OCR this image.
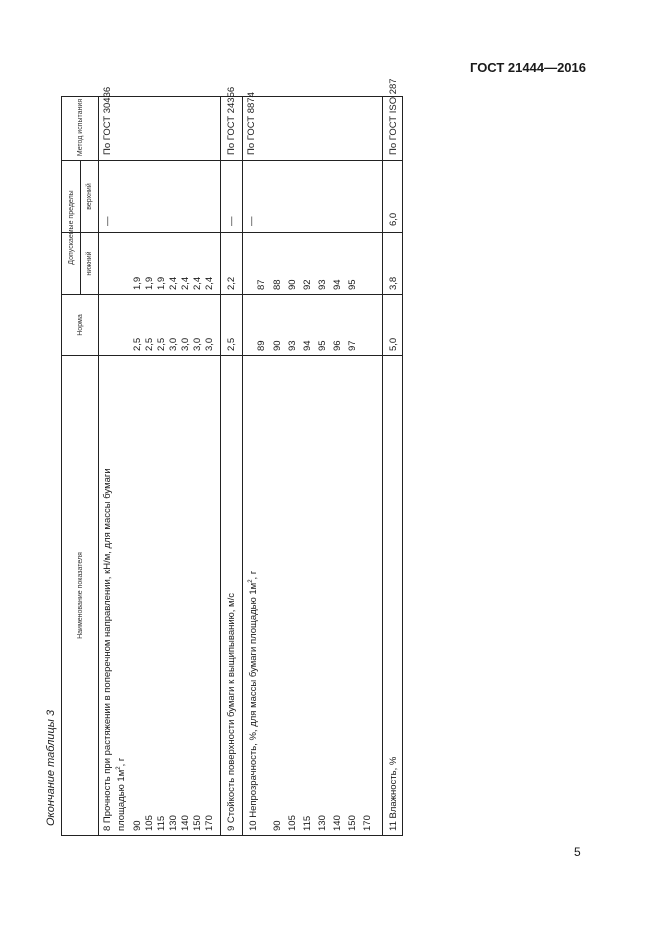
ГОСТ 21444—2016
5
Окончание таблицы 3
Наименование показателя
Норма
Допускаемые пределы	нижний
верхний
Метод испытания
8 Прочность при растяжении в поперечном направлении, кН/м, для массы бумаги площадью $1м^2$, г
90 105 115 130 140 150 170
2,5 2,5 2,5 3,0 3,0 3,0 3,0
1,9 1,9 1,9 2,4 2,4 2,4 2,4
—
По ГОСТ 30436
9 Стойкость поверхности бумаги к выщипыванию, м/с
2,5
2,2
—
По ГОСТ 24356
10 Непрозрачность, %, для массы бумаги площадью $1м^2$, г
90 105 115 130 140 150 170
89 90 93 94 95 96 97
87 88 90 92 93 94 95
—
По ГОСТ 8874
11 Влажность, %
5,0
3,8
6,0
По ГОСТ ISO 287
